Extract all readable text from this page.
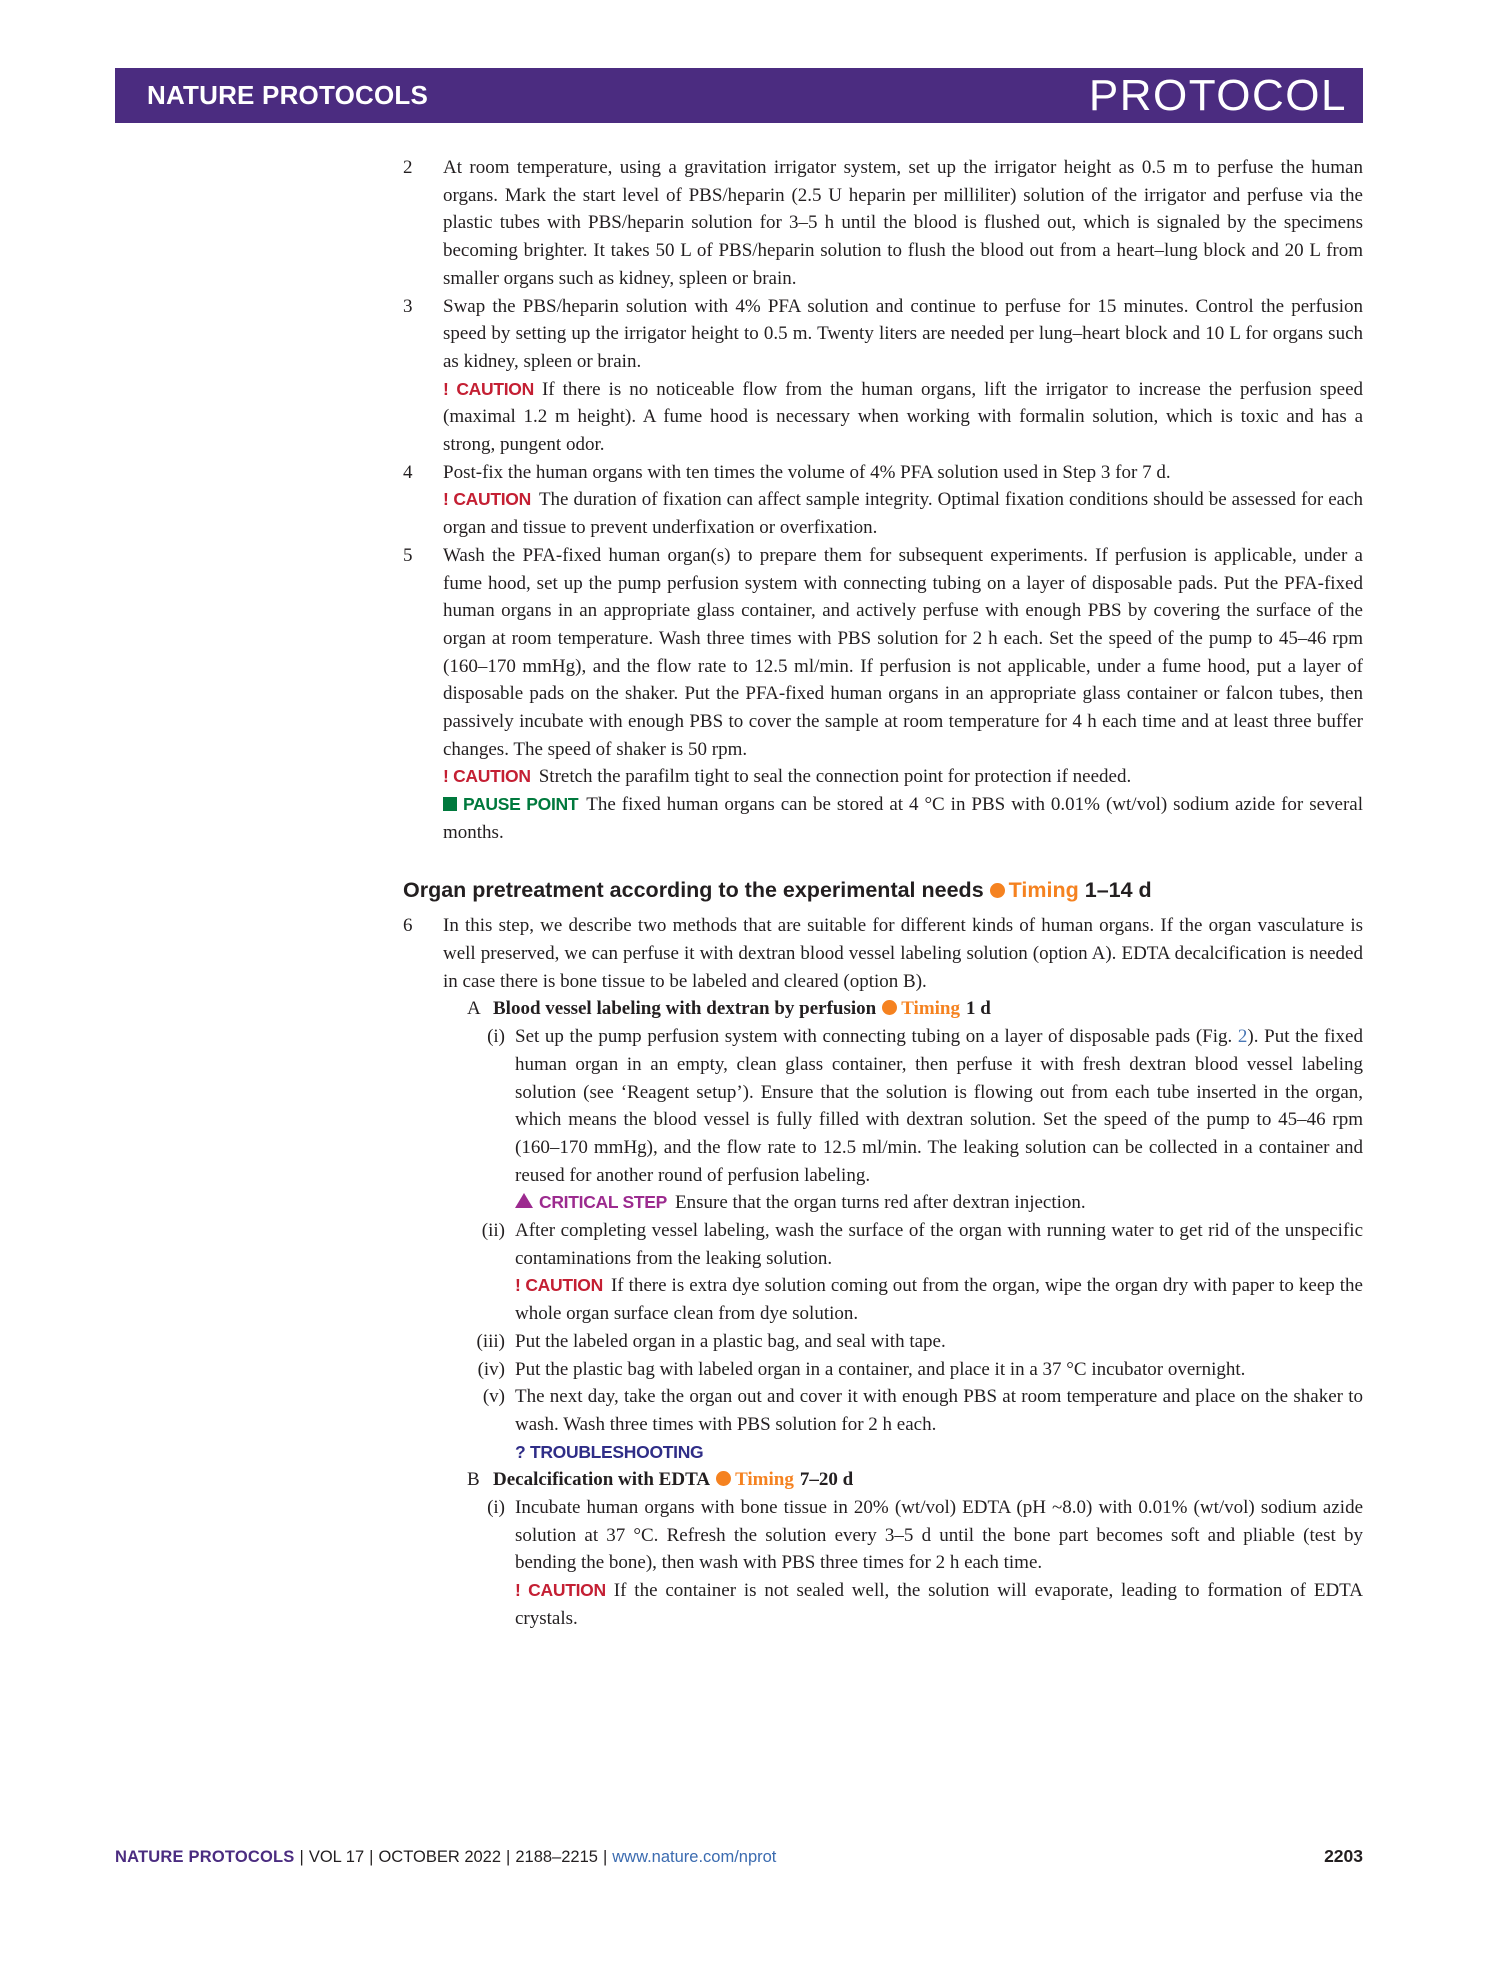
NATURE PROTOCOLS	PROTOCOL
2 At room temperature, using a gravitation irrigator system, set up the irrigator height as 0.5 m to perfuse the human organs. Mark the start level of PBS/heparin (2.5 U heparin per milliliter) solution of the irrigator and perfuse via the plastic tubes with PBS/heparin solution for 3–5 h until the blood is flushed out, which is signaled by the specimens becoming brighter. It takes 50 L of PBS/heparin solution to flush the blood out from a heart–lung block and 20 L from smaller organs such as kidney, spleen or brain.

3 Swap the PBS/heparin solution with 4% PFA solution and continue to perfuse for 15 minutes. Control the perfusion speed by setting up the irrigator height to 0.5 m. Twenty liters are needed per lung–heart block and 10 L for organs such as kidney, spleen or brain.

! CAUTION If there is no noticeable flow from the human organs, lift the irrigator to increase the perfusion speed (maximal 1.2 m height). A fume hood is necessary when working with formalin solution, which is toxic and has a strong, pungent odor.

4 Post-fix the human organs with ten times the volume of 4% PFA solution used in Step 3 for 7 d.

! CAUTION The duration of fixation can affect sample integrity. Optimal fixation conditions should be assessed for each organ and tissue to prevent underfixation or overfixation.

5 Wash the PFA-fixed human organ(s) to prepare them for subsequent experiments. If perfusion is applicable, under a fume hood, set up the pump perfusion system with connecting tubing on a layer of disposable pads. Put the PFA-fixed human organs in an appropriate glass container, and actively perfuse with enough PBS by covering the surface of the organ at room temperature. Wash three times with PBS solution for 2 h each. Set the speed of the pump to 45–46 rpm (160–170 mmHg), and the flow rate to 12.5 ml/min. If perfusion is not applicable, under a fume hood, put a layer of disposable pads on the shaker. Put the PFA-fixed human organs in an appropriate glass container or falcon tubes, then passively incubate with enough PBS to cover the sample at room temperature for 4 h each time and at least three buffer changes. The speed of shaker is 50 rpm.

! CAUTION Stretch the parafilm tight to seal the connection point for protection if needed.

PAUSE POINT The fixed human organs can be stored at 4 °C in PBS with 0.01% (wt/vol) sodium azide for several months.

Organ pretreatment according to the experimental needs Timing 1–14 d
6 In this step, we describe two methods that are suitable for different kinds of human organs. If the organ vasculature is well preserved, we can perfuse it with dextran blood vessel labeling solution (option A). EDTA decalcification is needed in case there is bone tissue to be labeled and cleared (option B).

A Blood vessel labeling with dextran by perfusion Timing 1 d

(i) Set up the pump perfusion system with connecting tubing on a layer of disposable pads (Fig. 2). Put the fixed human organ in an empty, clean glass container, then perfuse it with fresh dextran blood vessel labeling solution (see ‘Reagent setup’). Ensure that the solution is flowing out from each tube inserted in the organ, which means the blood vessel is fully filled with dextran solution. Set the speed of the pump to 45–46 rpm (160–170 mmHg), and the flow rate to 12.5 ml/min. The leaking solution can be collected in a container and reused for another round of perfusion labeling.

CRITICAL STEP Ensure that the organ turns red after dextran injection.

(ii) After completing vessel labeling, wash the surface of the organ with running water to get rid of the unspecific contaminations from the leaking solution.

! CAUTION If there is extra dye solution coming out from the organ, wipe the organ dry with paper to keep the whole organ surface clean from dye solution.

(iii) Put the labeled organ in a plastic bag, and seal with tape.

(iv) Put the plastic bag with labeled organ in a container, and place it in a 37 °C incubator overnight.

(v) The next day, take the organ out and cover it with enough PBS at room temperature and place on the shaker to wash. Wash three times with PBS solution for 2 h each.

? TROUBLESHOOTING

B Decalcification with EDTA Timing 7–20 d

(i) Incubate human organs with bone tissue in 20% (wt/vol) EDTA (pH ~8.0) with 0.01% (wt/vol) sodium azide solution at 37 °C. Refresh the solution every 3–5 d until the bone part becomes soft and pliable (test by bending the bone), then wash with PBS three times for 2 h each time.

! CAUTION If the container is not sealed well, the solution will evaporate, leading to formation of EDTA crystals.

NATURE PROTOCOLS | VOL 17 | OCTOBER 2022 | 2188–2215 | www.nature.com/nprot	2203
